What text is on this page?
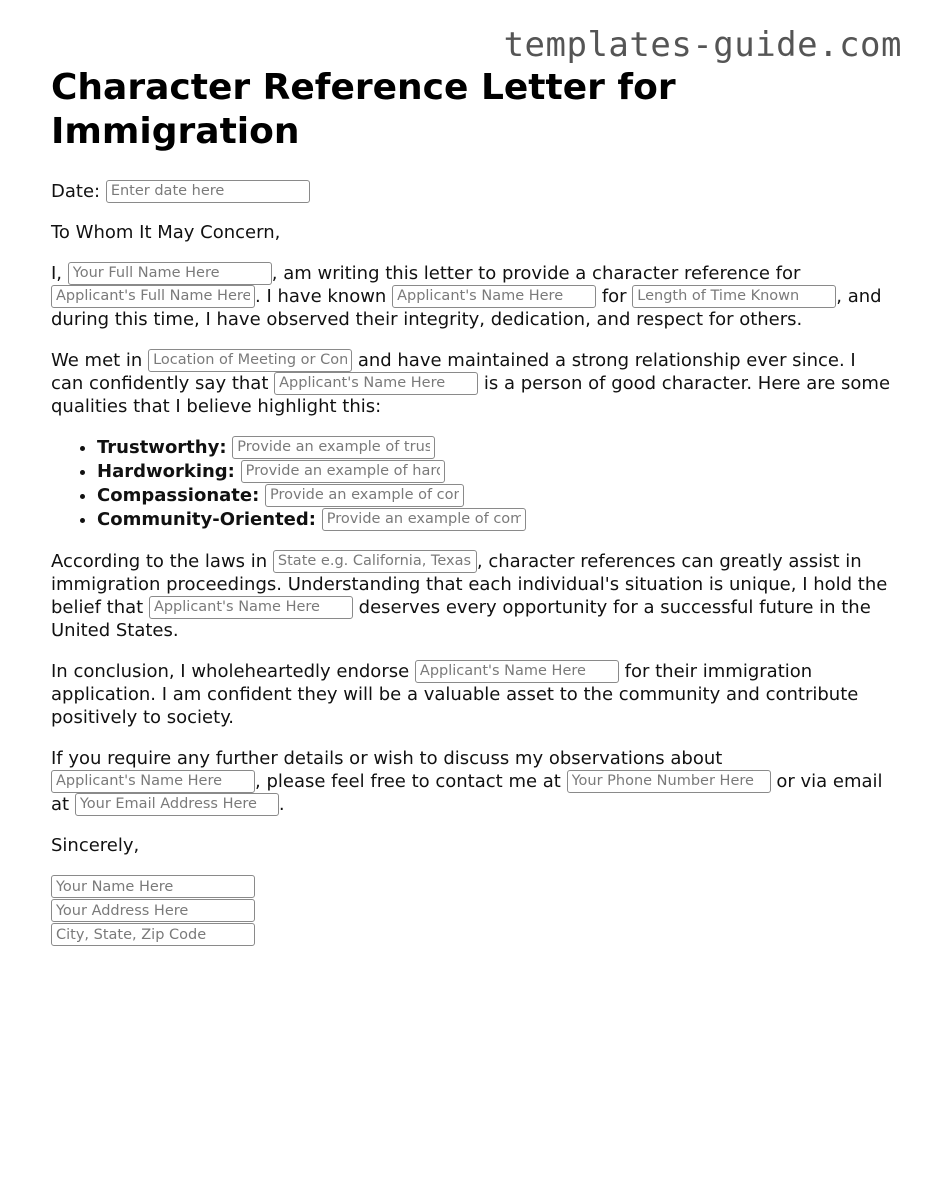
templates-guide.com
Character Reference Letter for Immigration

Date: Enter date here

To Whom It May Concern,

I, Your Full Name Here	, am writing this letter to provide a character reference for Applicant's Full Name Here. I have known Applicant's Name Here	for Length of Time Known	, and during this time, I have observed their integrity, dedication, and respect for others.

We met in Location of Meeting or Context	and have maintained a strong relationship ever since. I can confidently say that Applicant's Name Here	is a person of good character. Here are some qualities that I believe highlight this:

• Trustworthy: Provide an example of trustworthiness
• Hardworking: Provide an example of hard work
• Compassionate: Provide an example of compassion
• Community-Oriented: Provide an example of community involvement

According to the laws in State e.g. California, Texas	, character references can greatly assist in immigration proceedings. Understanding that each individual's situation is unique, I hold the belief that Applicant's Name Here	deserves every opportunity for a successful future in the United States.

In conclusion, I wholeheartedly endorse Applicant's Name Here	for their immigration application. I am confident they will be a valuable asset to the community and contribute positively to society.

If you require any further details or wish to discuss my observations about Applicant's Name Here, please feel free to contact me at Your Phone Number Here	or via email at Your Email Address Here	.

Sincerely,

Your Name Here
Your Address Here
City, State, Zip Code
